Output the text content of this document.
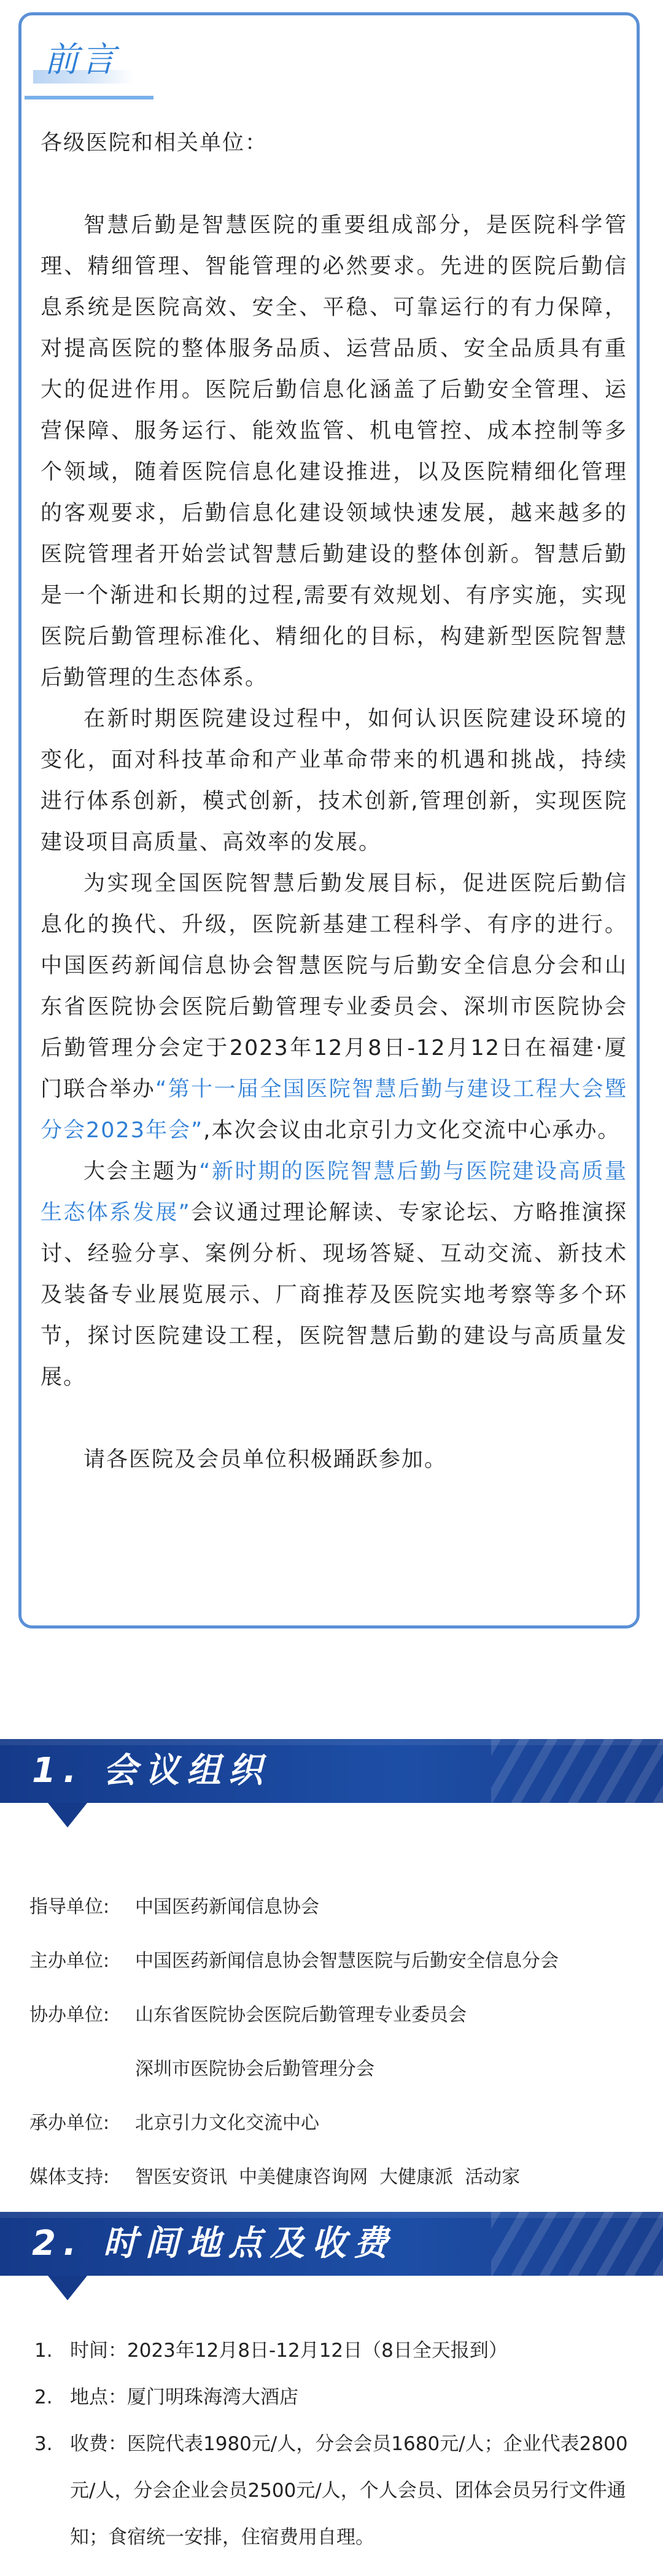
前言

各级医院和相关单位：

智慧后勤是智慧医院的重要组成部分，是医院科学管理、精细管理、智能管理的必然要求。先进的医院后勤信息系统是医院高效、安全、平稳、可靠运行的有力保障，对提高医院的整体服务品质、运营品质、安全品质具有重大的促进作用。医院后勤信息化涵盖了后勤安全管理、运营保障、服务运行、能效监管、机电管控、成本控制等多个领域，随着医院信息化建设推进，以及医院精细化管理的客观要求，后勤信息化建设领域快速发展，越来越多的医院管理者开始尝试智慧后勤建设的整体创新。智慧后勤是一个渐进和长期的过程,需要有效规划、有序实施，实现医院后勤管理标准化、精细化的目标，构建新型医院智慧后勤管理的生态体系。

在新时期医院建设过程中，如何认识医院建设环境的变化，面对科技革命和产业革命带来的机遇和挑战，持续进行体系创新，模式创新，技术创新,管理创新，实现医院建设项目高质量、高效率的发展。

为实现全国医院智慧后勤发展目标，促进医院后勤信息化的换代、升级，医院新基建工程科学、有序的进行。中国医药新闻信息协会智慧医院与后勤安全信息分会和山东省医院协会医院后勤管理专业委员会、深圳市医院协会后勤管理分会定于2023年12月8日-12月12日在福建·厦门联合举办“第十一届全国医院智慧后勤与建设工程大会暨分会2023年会”,本次会议由北京引力文化交流中心承办。

大会主题为“新时期的医院智慧后勤与医院建设高质量生态体系发展”会议通过理论解读、专家论坛、方略推演探讨、经验分享、案例分析、现场答疑、互动交流、新技术及装备专业展览展示、厂商推荐及医院实地考察等多个环节，探讨医院建设工程，医院智慧后勤的建设与高质量发展。

请各医院及会员单位积极踊跃参加。

1. 会议组织
指导单位: 中国医药新闻信息协会
主办单位: 中国医药新闻信息协会智慧医院与后勤安全信息分会
协办单位: 山东省医院协会医院后勤管理专业委员会
深圳市医院协会后勤管理分会
承办单位: 北京引力文化交流中心
媒体支持: 智医安资讯  中美健康咨询网  大健康派  活动家
2. 时间地点及收费
1. 时间：2023年12月8日-12月12日（8日全天报到）
2. 地点：厦门明珠海湾大酒店
3. 收费：医院代表1980元/人，分会会员1680元/人；企业代表2800元/人，分会企业会员2500元/人，个人会员、团体会员另行文件通知；食宿统一安排，住宿费用自理。
